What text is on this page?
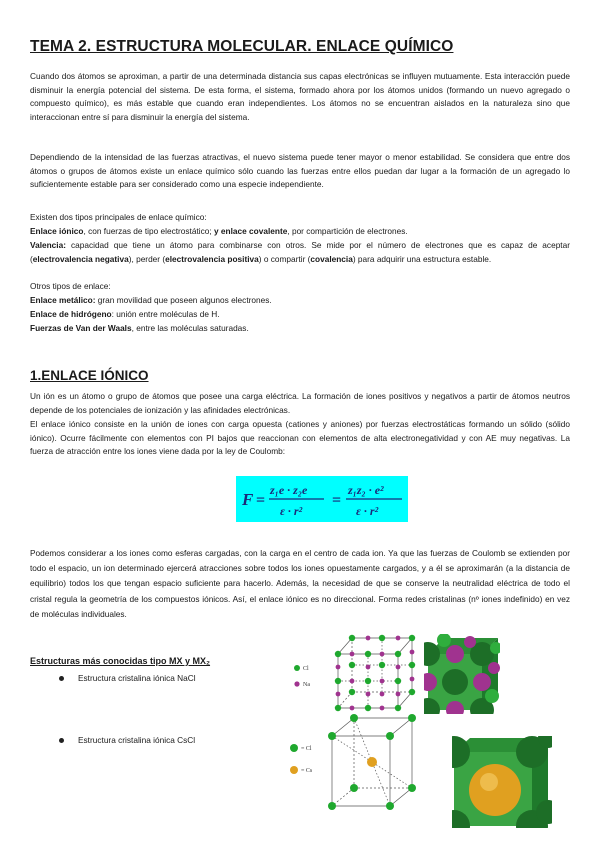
TEMA 2. ESTRUCTURA MOLECULAR. ENLACE QUÍMICO
Cuando dos átomos se aproximan, a partir de una determinada distancia sus capas electrónicas se influyen mutuamente. Esta interacción puede disminuir la energía potencial del sistema. De esta forma, el sistema, formado ahora por los átomos unidos (formando un nuevo agregado o compuesto químico), es más estable que cuando eran independientes. Los átomos no se encuentran aislados en la naturaleza sino que interaccionan entre sí para disminuir la energía del sistema.
Dependiendo de la intensidad de las fuerzas atractivas, el nuevo sistema puede tener mayor o menor estabilidad. Se considera que entre dos átomos o grupos de átomos existe un enlace químico sólo cuando las fuerzas entre ellos puedan dar lugar a la formación de un agregado lo suficientemente estable para ser considerado como una especie independiente.
Existen dos tipos principales de enlace químico:
Enlace iónico, con fuerzas de tipo electrostático; y enlace covalente, por compartición de electrones.
Valencia: capacidad que tiene un átomo para combinarse con otros. Se mide por el número de electrones que es capaz de aceptar (electrovalencia negativa), perder (electrovalencia positiva) o compartir (covalencia) para adquirir una estructura estable.
Otros tipos de enlace:
Enlace metálico: gran movilidad que poseen algunos electrones.
Enlace de hidrógeno: unión entre moléculas de H.
Fuerzas de Van der Waals, entre las moléculas saturadas.
1.ENLACE IÓNICO
Un ión es un átomo o grupo de átomos que posee una carga eléctrica. La formación de iones positivos y negativos a partir de átomos neutros depende de los potenciales de ionización y las afinidades electrónicas.
El enlace iónico consiste en la unión de iones con carga opuesta (cationes y aniones) por fuerzas electrostáticas formando un sólido (sólido iónico). Ocurre fácilmente con elementos con PI bajos que reaccionan con elementos de alta electronegatividad y con AE muy negativas. La fuerza de atracción entre los iones viene dada por la ley de Coulomb:
F =
z₁e · z₂e
ε · r²
=
z₁z₂ · e²
ε · r²
Podemos considerar a los iones como esferas cargadas, con la carga en el centro de cada ion. Ya que las fuerzas de Coulomb se extienden por todo el espacio, un ion determinado ejercerá atracciones sobre todos los iones opuestamente cargados, y a él se aproximarán (a la distancia de equilibrio) todos los que tengan espacio suficiente para hacerlo. Además, la necesidad de que se conserve la neutralidad eléctrica de todo el cristal regula la geometría de los compuestos iónicos. Así, el enlace iónico es no direccional. Forma redes cristalinas (nº iones indefinido) en vez de moléculas individuales.
Estructuras más conocidas tipo MX y MX₂
Estructura cristalina iónica NaCl
Estructura cristalina iónica CsCl
Cl
Na
= Cl
= Cs
